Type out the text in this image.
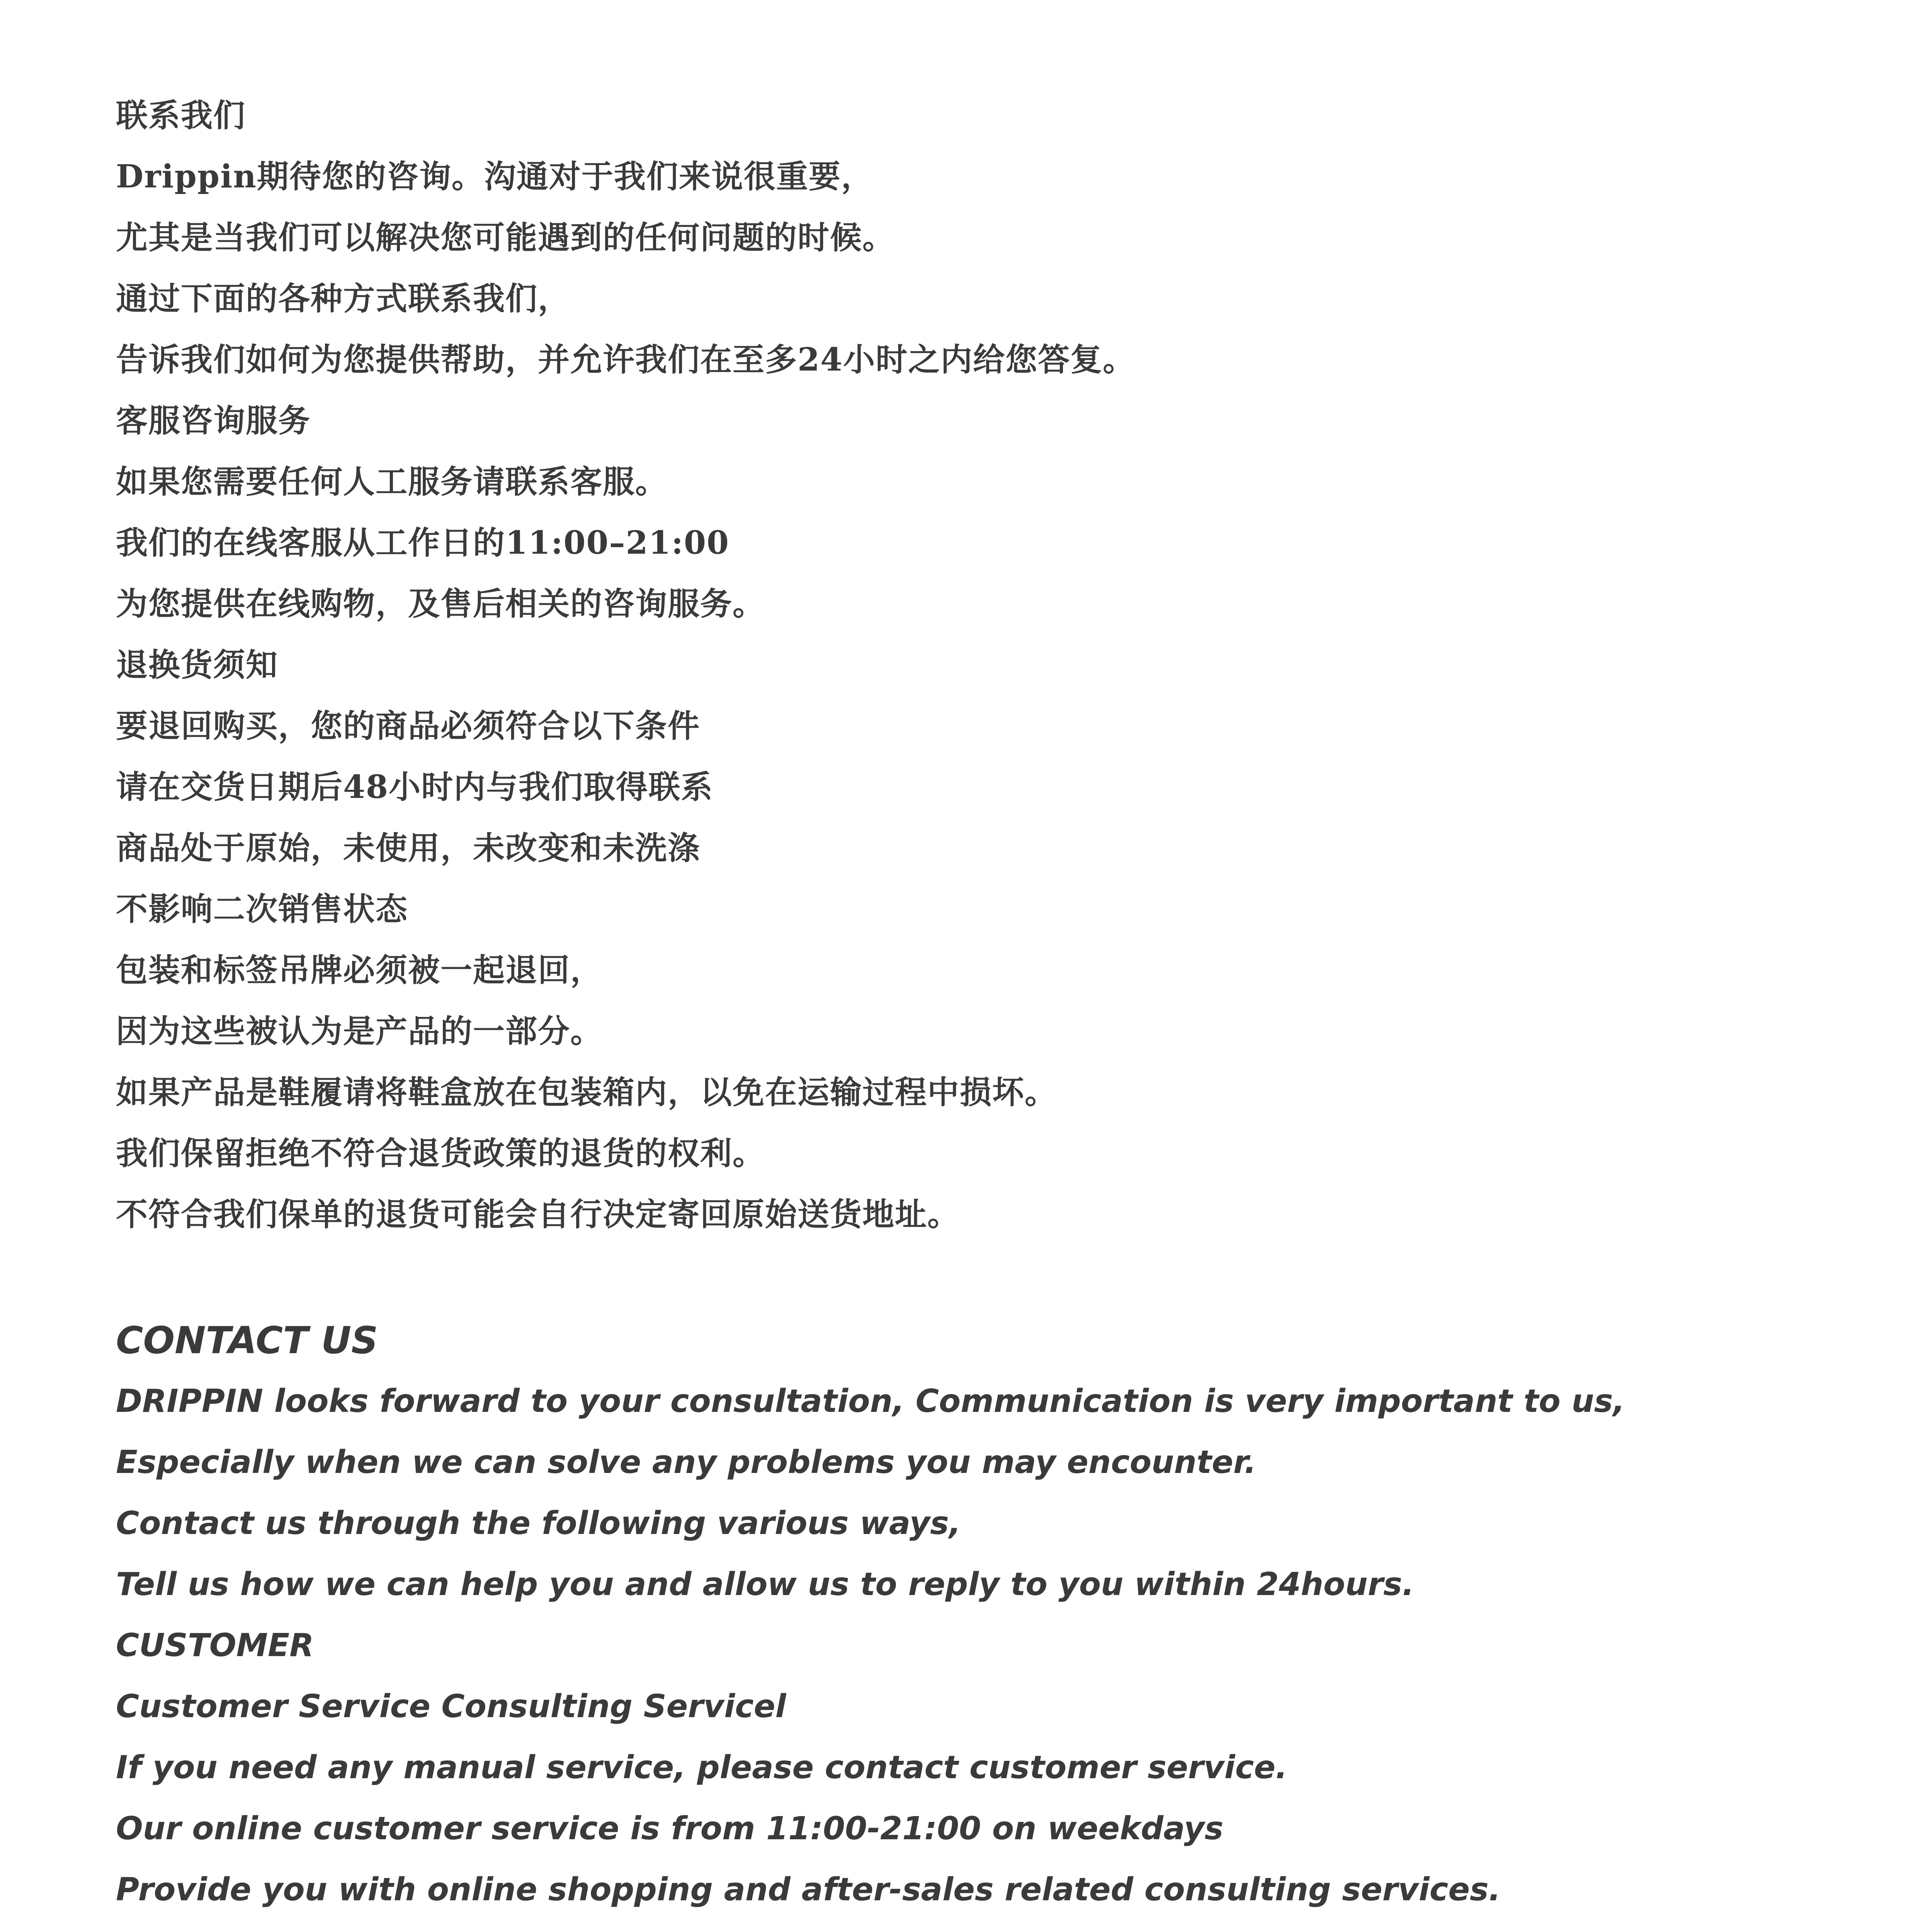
联系我们
Drippin期待您的咨询。沟通对于我们来说很重要，
尤其是当我们可以解决您可能遇到的任何问题的时候。
通过下面的各种方式联系我们，
告诉我们如何为您提供帮助，并允许我们在至多24小时之内给您答复。
客服咨询服务
如果您需要任何人工服务请联系客服。
我们的在线客服从工作日的11:00–21:00
为您提供在线购物，及售后相关的咨询服务。
退换货须知
要退回购买，您的商品必须符合以下条件
请在交货日期后48小时内与我们取得联系
商品处于原始，未使用，未改变和未洗涤
不影响二次销售状态
包装和标签吊牌必须被一起退回，
因为这些被认为是产品的一部分。
如果产品是鞋履请将鞋盒放在包装箱内，以免在运输过程中损坏。
我们保留拒绝不符合退货政策的退货的权利。
不符合我们保单的退货可能会自行决定寄回原始送货地址。
CONTACT US
DRIPPIN looks forward to your consultation, Communication is very important to us,
Especially when we can solve any problems you may encounter.
Contact us through the following various ways,
Tell us how we can help you and allow us to reply to you within 24hours.
CUSTOMER
Customer Service Consulting Servicel
If you need any manual service, please contact customer service.
Our online customer service is from 11:00-21:00 on weekdays
Provide you with online shopping and after-sales related consulting services.
